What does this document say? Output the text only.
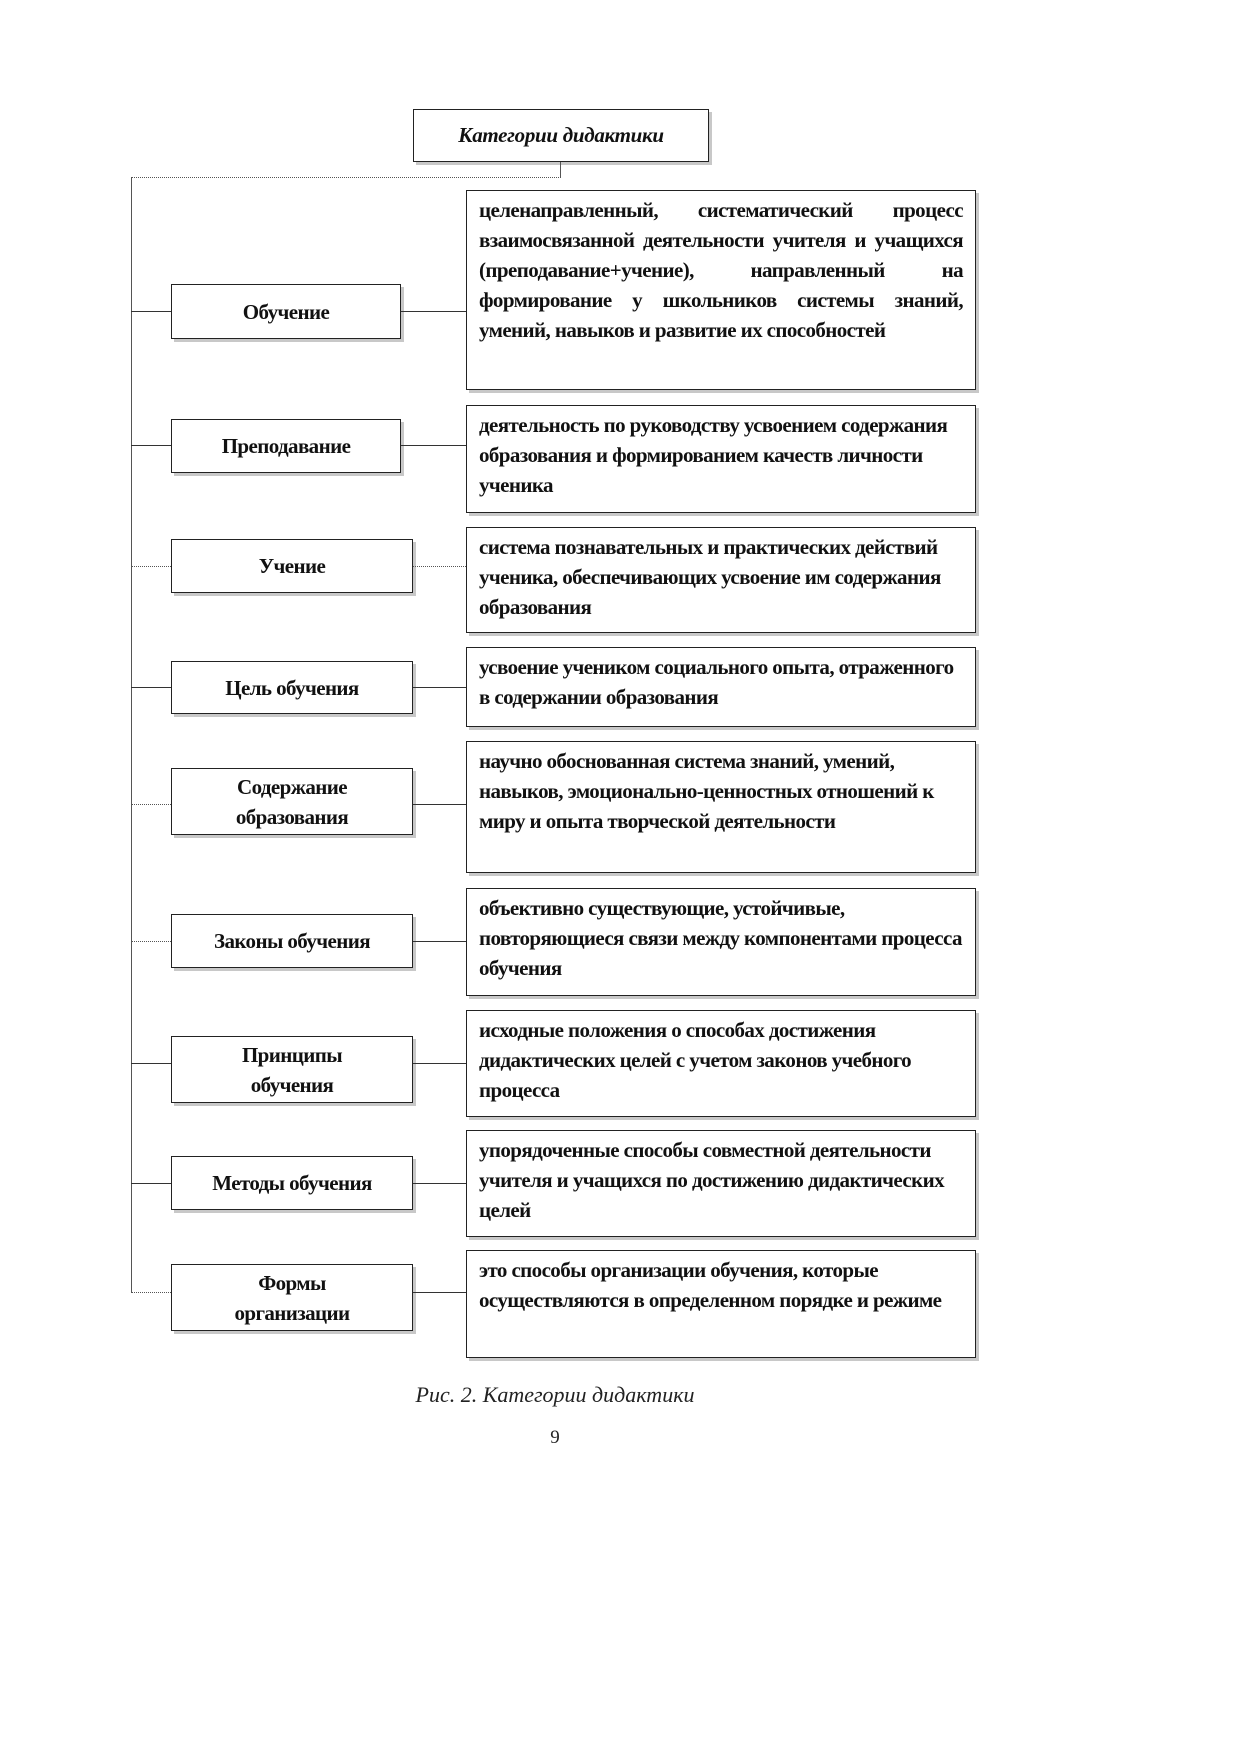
Категории дидактики
Обучение
целенаправленный, систематический процесс взаимосвязанной деятельности учителя и учащихся (преподавание+учение), направленный на формирование у школьников системы знаний, умений, навыков и развитие их способностей
Преподавание
деятельность по руководству усвоением содержания образования и формированием качеств личности ученика
Учение
система познавательных и практических действий ученика, обеспечивающих усвоение им содержания образования
Цель обучения
усвоение учеником социального опыта, отраженного в содержании образования
Содержание образования
научно обоснованная система знаний, умений, навыков, эмоционально-ценностных отношений к миру и опыта творческой деятельности
Законы обучения
объективно существующие, устойчивые, повторяющиеся связи между компонентами процесса обучения
Принципы обучения
исходные положения о способах достижения дидактических целей с учетом законов учебного процесса
Методы обучения
упорядоченные способы совместной деятельности учителя и учащихся по достижению дидактических целей
Формы организации
это способы организации обучения, которые осуществляются в определенном порядке и режиме
Рис. 2. Категории дидактики
9
